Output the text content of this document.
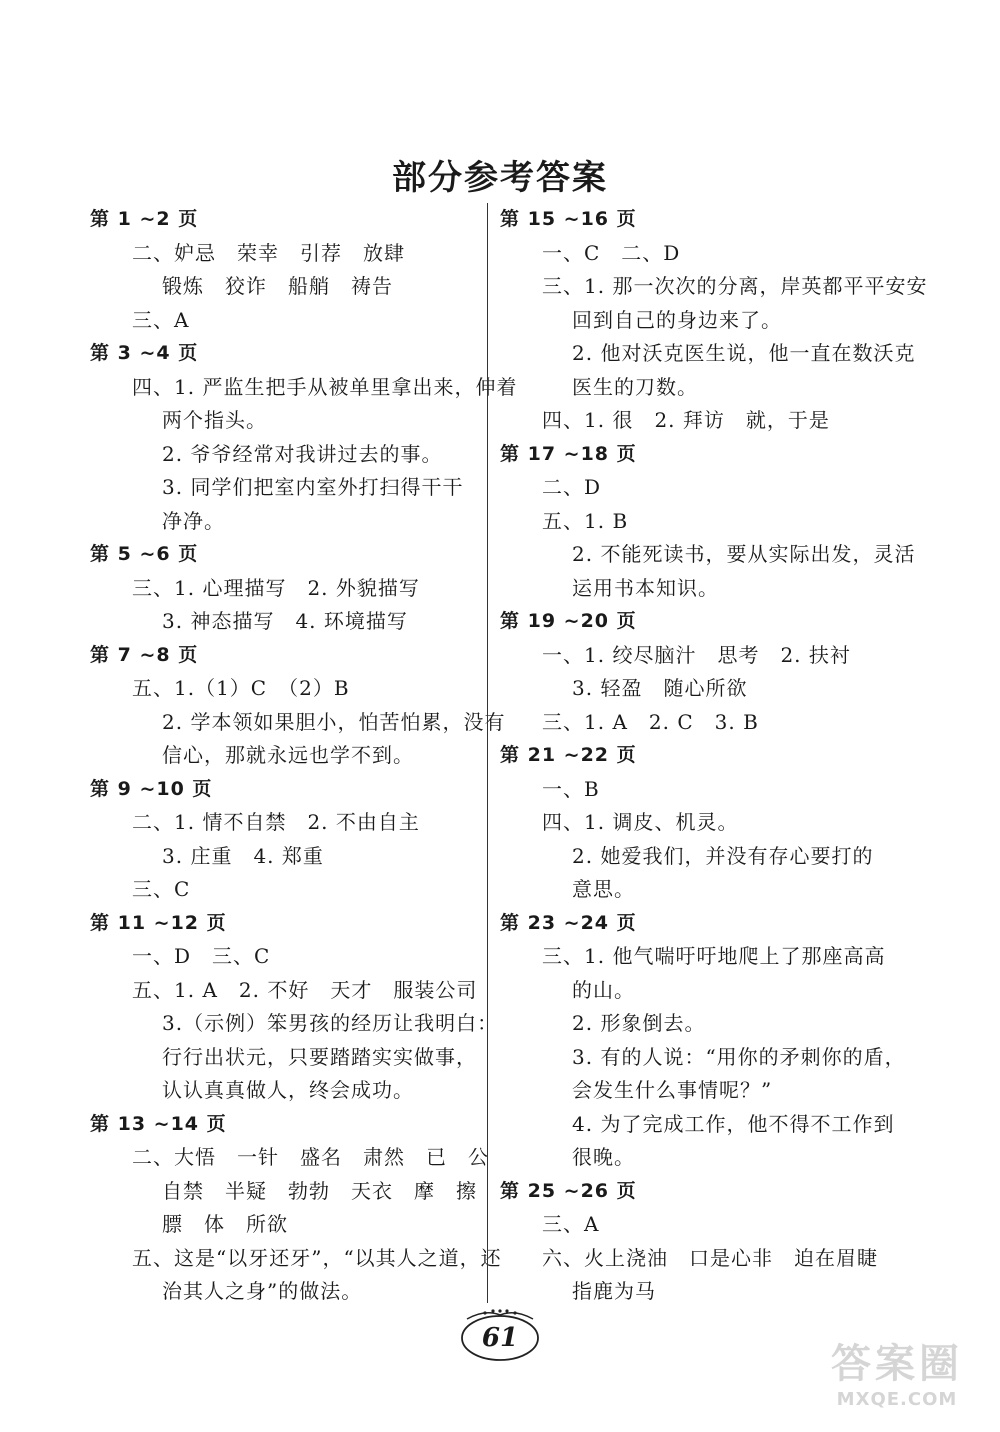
部分参考答案
第 1 ~2 页
二、妒忌　荣幸　引荐　放肆
锻炼　狡诈　船艄　祷告
三、A
第 3 ~4 页
四、1. 严监生把手从被单里拿出来，伸着
两个指头。
2. 爷爷经常对我讲过去的事。
3. 同学们把室内室外打扫得干干
净净。
第 5 ~6 页
三、1. 心理描写　2. 外貌描写
3. 神态描写　4. 环境描写
第 7 ~8 页
五、1.（1）C　（2）B
2. 学本领如果胆小，怕苦怕累，没有
信心，那就永远也学不到。
第 9 ~10 页
二、1. 情不自禁　2. 不由自主
3. 庄重　4. 郑重
三、C
第 11 ~12 页
一、D　三、C
五、1. A　2. 不好　天才　服装公司
3.（示例）笨男孩的经历让我明白：
行行出状元，只要踏踏实实做事，
认认真真做人，终会成功。
第 13 ~14 页
二、大悟　一针　盛名　肃然　已　公
自禁　半疑　勃勃　天衣　摩　擦
膘　体　所欲
五、这是“以牙还牙”，“以其人之道，还
治其人之身”的做法。
第 15 ~16 页
一、C　二、D
三、1. 那一次次的分离，岸英都平平安安
回到自己的身边来了。
2. 他对沃克医生说，他一直在数沃克
医生的刀数。
四、1. 很　2. 拜访　就，于是
第 17 ~18 页
二、D
五、1. B
2. 不能死读书，要从实际出发，灵活
运用书本知识。
第 19 ~20 页
一、1. 绞尽脑汁　思考　2. 扶衬
3. 轻盈　随心所欲
三、1. A　2. C　3. B
第 21 ~22 页
一、B
四、1. 调皮、机灵。
2. 她爱我们，并没有存心要打的
意思。
第 23 ~24 页
三、1. 他气喘吁吁地爬上了那座高高
的山。
2. 形象倒去。
3. 有的人说：“用你的矛刺你的盾，
会发生什么事情呢？”
4. 为了完成工作，他不得不工作到
很晚。
第 25 ~26 页
三、A
六、火上浇油　口是心非　迫在眉睫
指鹿为马
61
答案圈
MXQE.COM
